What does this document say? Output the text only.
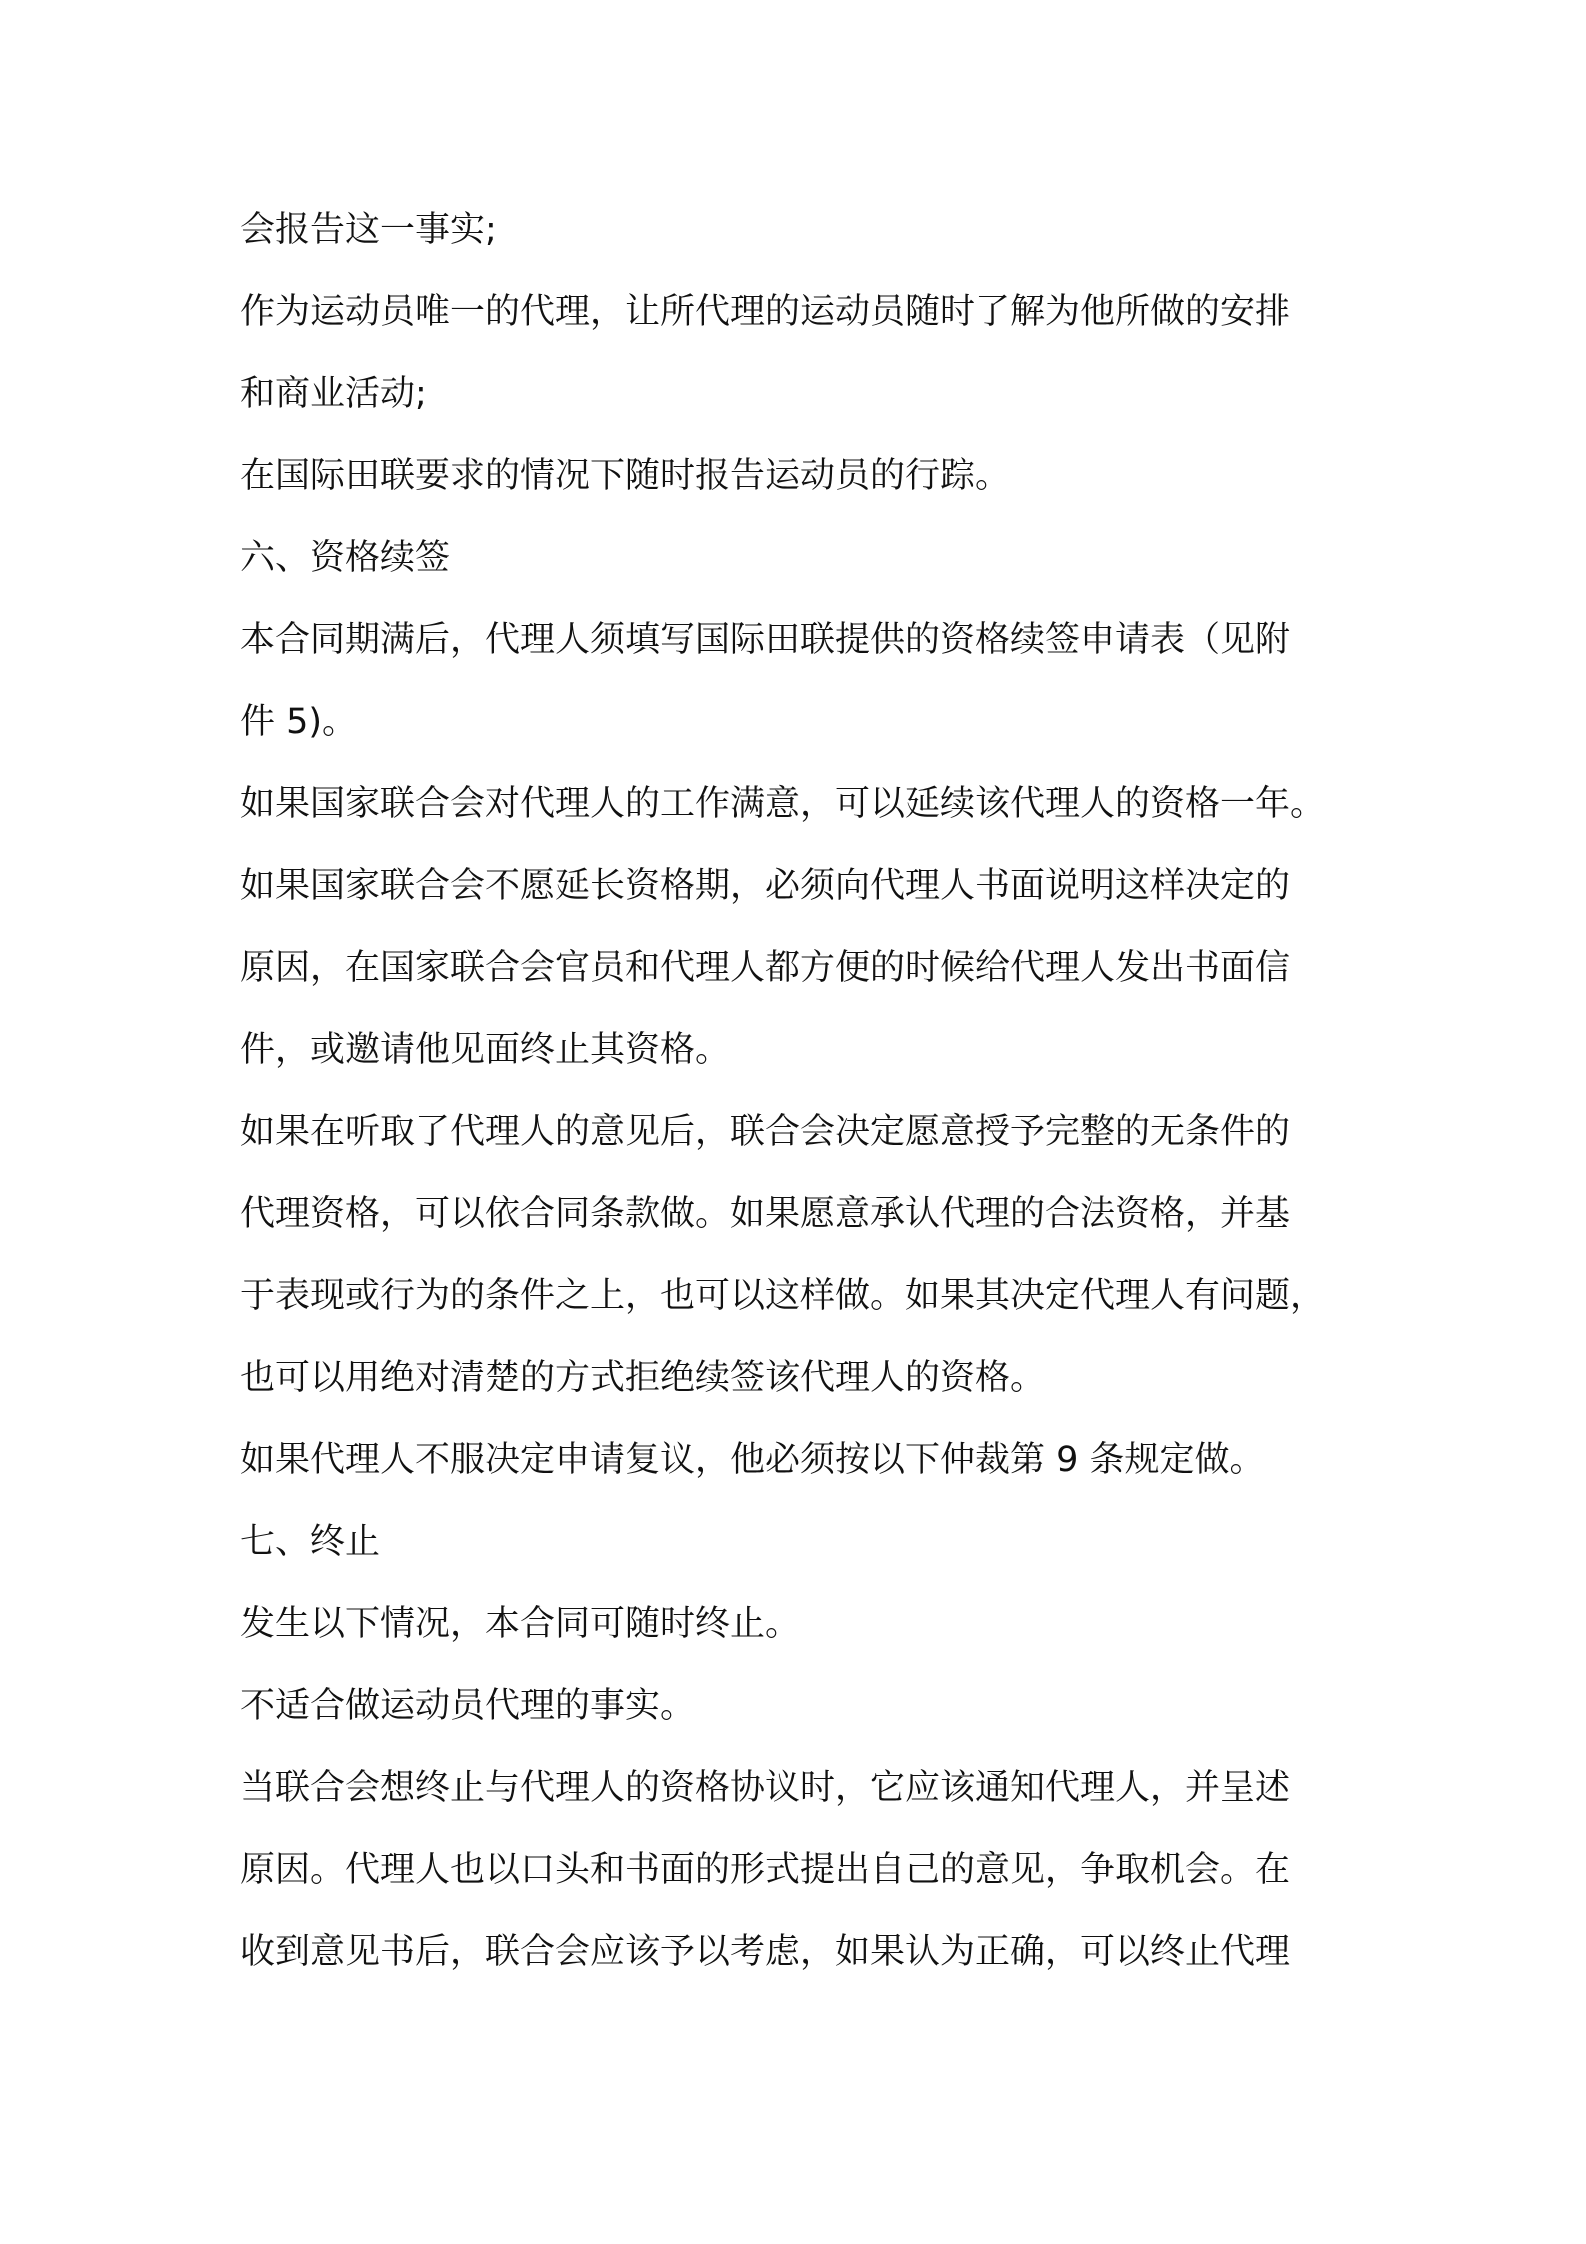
会报告这一事实;

作为运动员唯一的代理，让所代理的运动员随时了解为他所做的安排

和商业活动;

在国际田联要求的情况下随时报告运动员的行踪。

六、资格续签

本合同期满后，代理人须填写国际田联提供的资格续签申请表（见附

件 5)。

如果国家联合会对代理人的工作满意，可以延续该代理人的资格一年。

如果国家联合会不愿延长资格期，必须向代理人书面说明这样决定的

原因，在国家联合会官员和代理人都方便的时候给代理人发出书面信

件，或邀请他见面终止其资格。

如果在听取了代理人的意见后，联合会决定愿意授予完整的无条件的

代理资格，可以依合同条款做。如果愿意承认代理的合法资格，并基

于表现或行为的条件之上，也可以这样做。如果其决定代理人有问题，

也可以用绝对清楚的方式拒绝续签该代理人的资格。

如果代理人不服决定申请复议，他必须按以下仲裁第 9 条规定做。

七、终止

发生以下情况，本合同可随时终止。

不适合做运动员代理的事实。

当联合会想终止与代理人的资格协议时，它应该通知代理人，并呈述

原因。代理人也以口头和书面的形式提出自己的意见，争取机会。在

收到意见书后，联合会应该予以考虑，如果认为正确，可以终止代理
